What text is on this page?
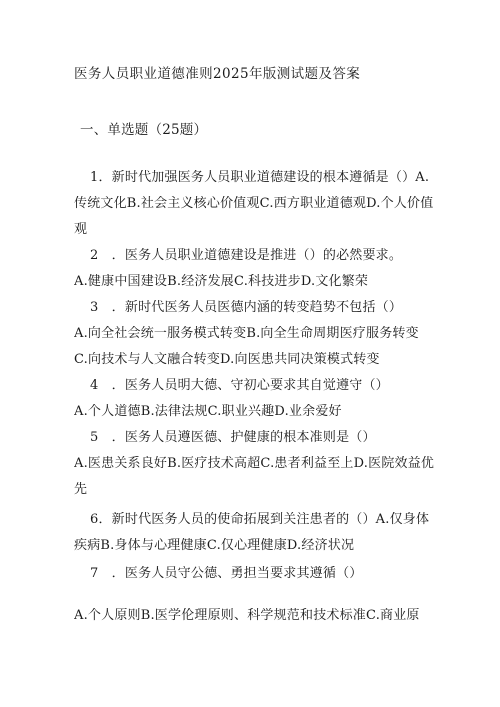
医务人员职业道德准则2025年版测试题及答案
一、单选题（25题）
1．新时代加强医务人员职业道德建设的根本遵循是（）A.
传统文化B.社会主义核心价值观C.西方职业道德观D.个人价值
观
2　．医务人员职业道德建设是推进（）的必然要求。
A.健康中国建设B.经济发展C.科技进步D.文化繁荣
3　．新时代医务人员医德内涵的转变趋势不包括（）
A.向全社会统一服务模式转变B.向全生命周期医疗服务转变
C.向技术与人文融合转变D.向医患共同决策模式转变
4　．医务人员明大德、守初心要求其自觉遵守（）
A.个人道德B.法律法规C.职业兴趣D.业余爱好
5　．医务人员遵医德、护健康的根本准则是（）
A.医患关系良好B.医疗技术高超C.患者利益至上D.医院效益优
先
6．新时代医务人员的使命拓展到关注患者的（）A.仅身体
疾病B.身体与心理健康C.仅心理健康D.经济状况
7　．医务人员守公德、勇担当要求其遵循（）
A.个人原则B.医学伦理原则、科学规范和技术标准C.商业原
